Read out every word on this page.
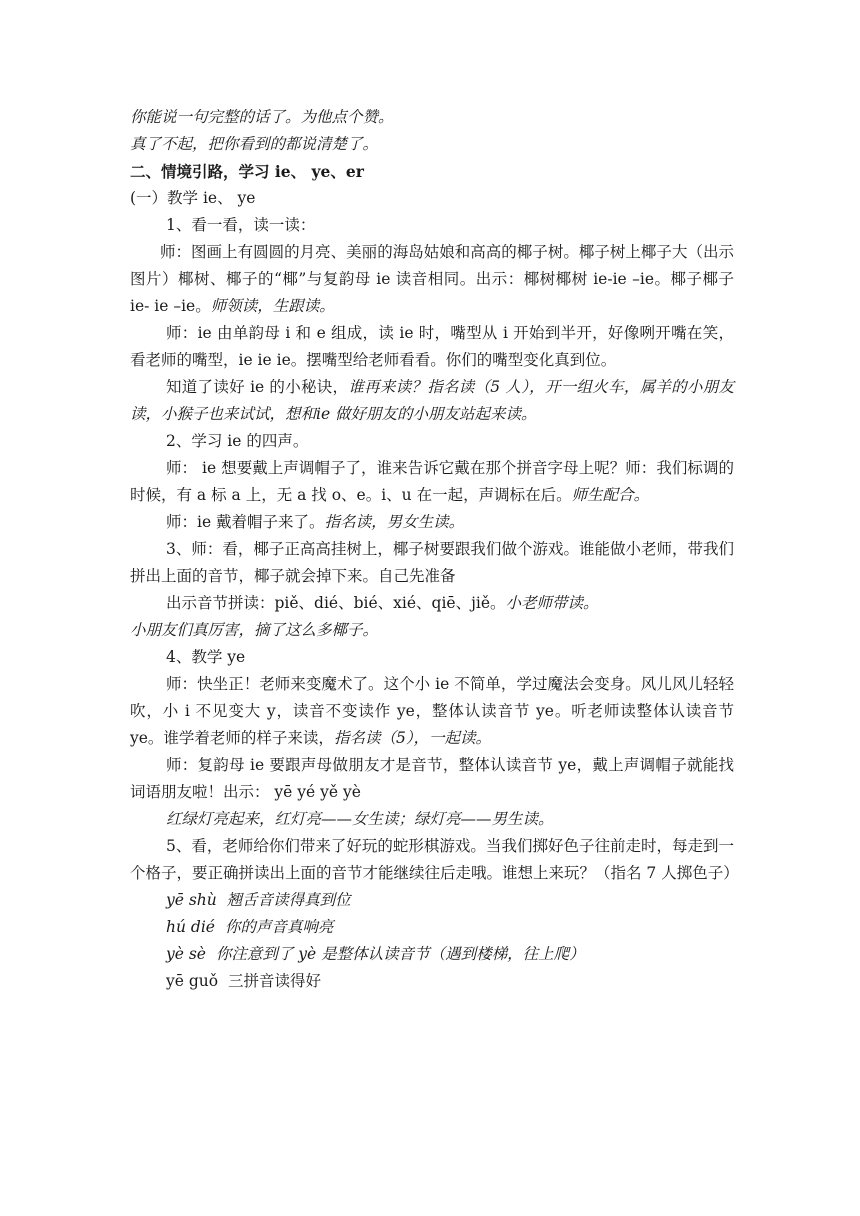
你能说一句完整的话了。为他点个赞。
真了不起，把你看到的都说清楚了。
二、情境引路，学习 ie、 ye、er
(一）教学 ie、 ye
1、看一看，读一读：

师：图画上有圆圆的月亮、美丽的海岛姑娘和高高的椰子树。椰子树上椰子大（出示图片）椰树、椰子的“椰”与复韵母 ie 读音相同。出示：椰树椰树 ie-ie –ie。椰子椰子 ie- ie –ie。师领读，生跟读。

师：ie 由单韵母 i 和 e 组成，读 ie 时，嘴型从 i 开始到半开，好像咧开嘴在笑，看老师的嘴型，ie ie ie。摆嘴型给老师看看。你们的嘴型变化真到位。

知道了读好 ie 的小秘诀，谁再来读？指名读（5 人），开一组火车，属羊的小朋友读，小猴子也来试试，想和ie 做好朋友的小朋友站起来读。

2、学习 ie 的四声。

师： ie 想要戴上声调帽子了，谁来告诉它戴在那个拼音字母上呢？师：我们标调的时候，有 a 标 a 上，无 a 找 o、e。i、u 在一起，声调标在后。师生配合。

师：ie 戴着帽子来了。指名读，男女生读。

3、师：看，椰子正高高挂树上，椰子树要跟我们做个游戏。谁能做小老师，带我们拼出上面的音节，椰子就会掉下来。自己先准备

出示音节拼读：piě、dié、bié、xié、qiē、jiě。小老师带读。

小朋友们真厉害，摘了这么多椰子。
4、教学 ye

师：快坐正！老师来变魔术了。这个小 ie 不简单，学过魔法会变身。风儿风儿轻轻吹，小 i 不见变大 y，读音不变读作 ye，整体认读音节 ye。听老师读整体认读音节 ye。谁学着老师的样子来读，指名读（5），一起读。

师：复韵母 ie 要跟声母做朋友才是音节，整体认读音节 ye，戴上声调帽子就能找词语朋友啦！出示： yē yé yě yè

红绿灯亮起来，红灯亮——女生读；绿灯亮——男生读。

5、看，老师给你们带来了好玩的蛇形棋游戏。当我们掷好色子往前走时，每走到一个格子，要正确拼读出上面的音节才能继续往后走哦。谁想上来玩？（指名 7 人掷色子）

yē shù 翘舌音读得真到位
hú dié 你的声音真响亮
yè sè 你注意到了 yè 是整体认读音节（遇到楼梯，往上爬）
yē guǒ 三拼音读得好
